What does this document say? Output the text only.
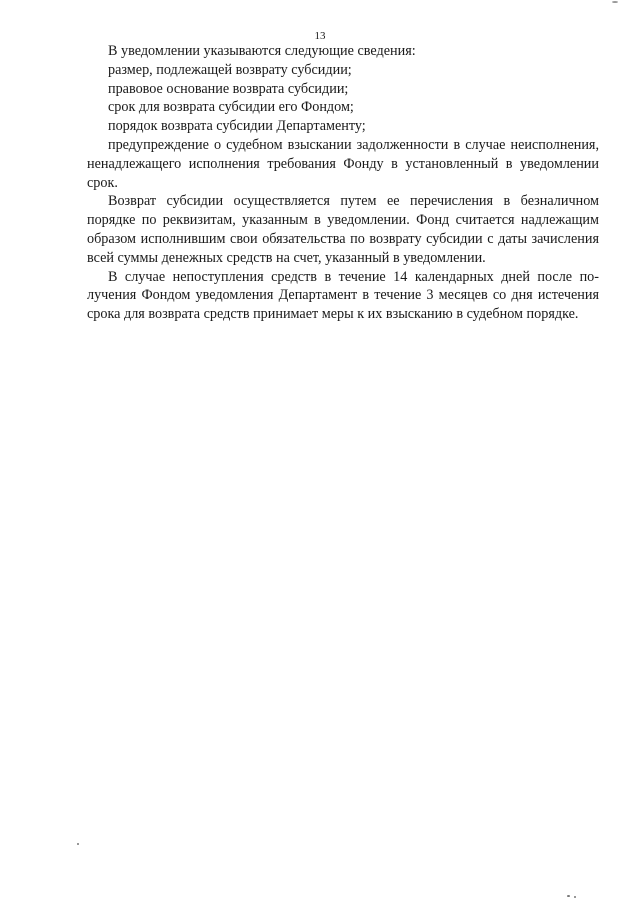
13

В уведомлении указываются следующие сведения:

размер, подлежащей возврату субсидии;

правовое основание возврата субсидии;

срок для возврата субсидии его Фондом;

порядок возврата субсидии Департаменту;

предупреждение о судебном взыскании задолженности в случае неисполнения, ненадлежащего исполнения требования Фонду в установленный в уведомлении срок.

Возврат субсидии осуществляется путем ее перечисления в безналичном порядке по реквизитам, указанным в уведомлении. Фонд считается надлежащим образом исполнившим свои обязательства по возврату субсидии с даты зачисления всей суммы денежных средств на счет, указанный в уведомлении.

В случае непоступления средств в течение 14 календарных дней после получения Фондом уведомления Департамент в течение 3 месяцев со дня истечения срока для возврата средств принимает меры к их взысканию в судебном порядке.
